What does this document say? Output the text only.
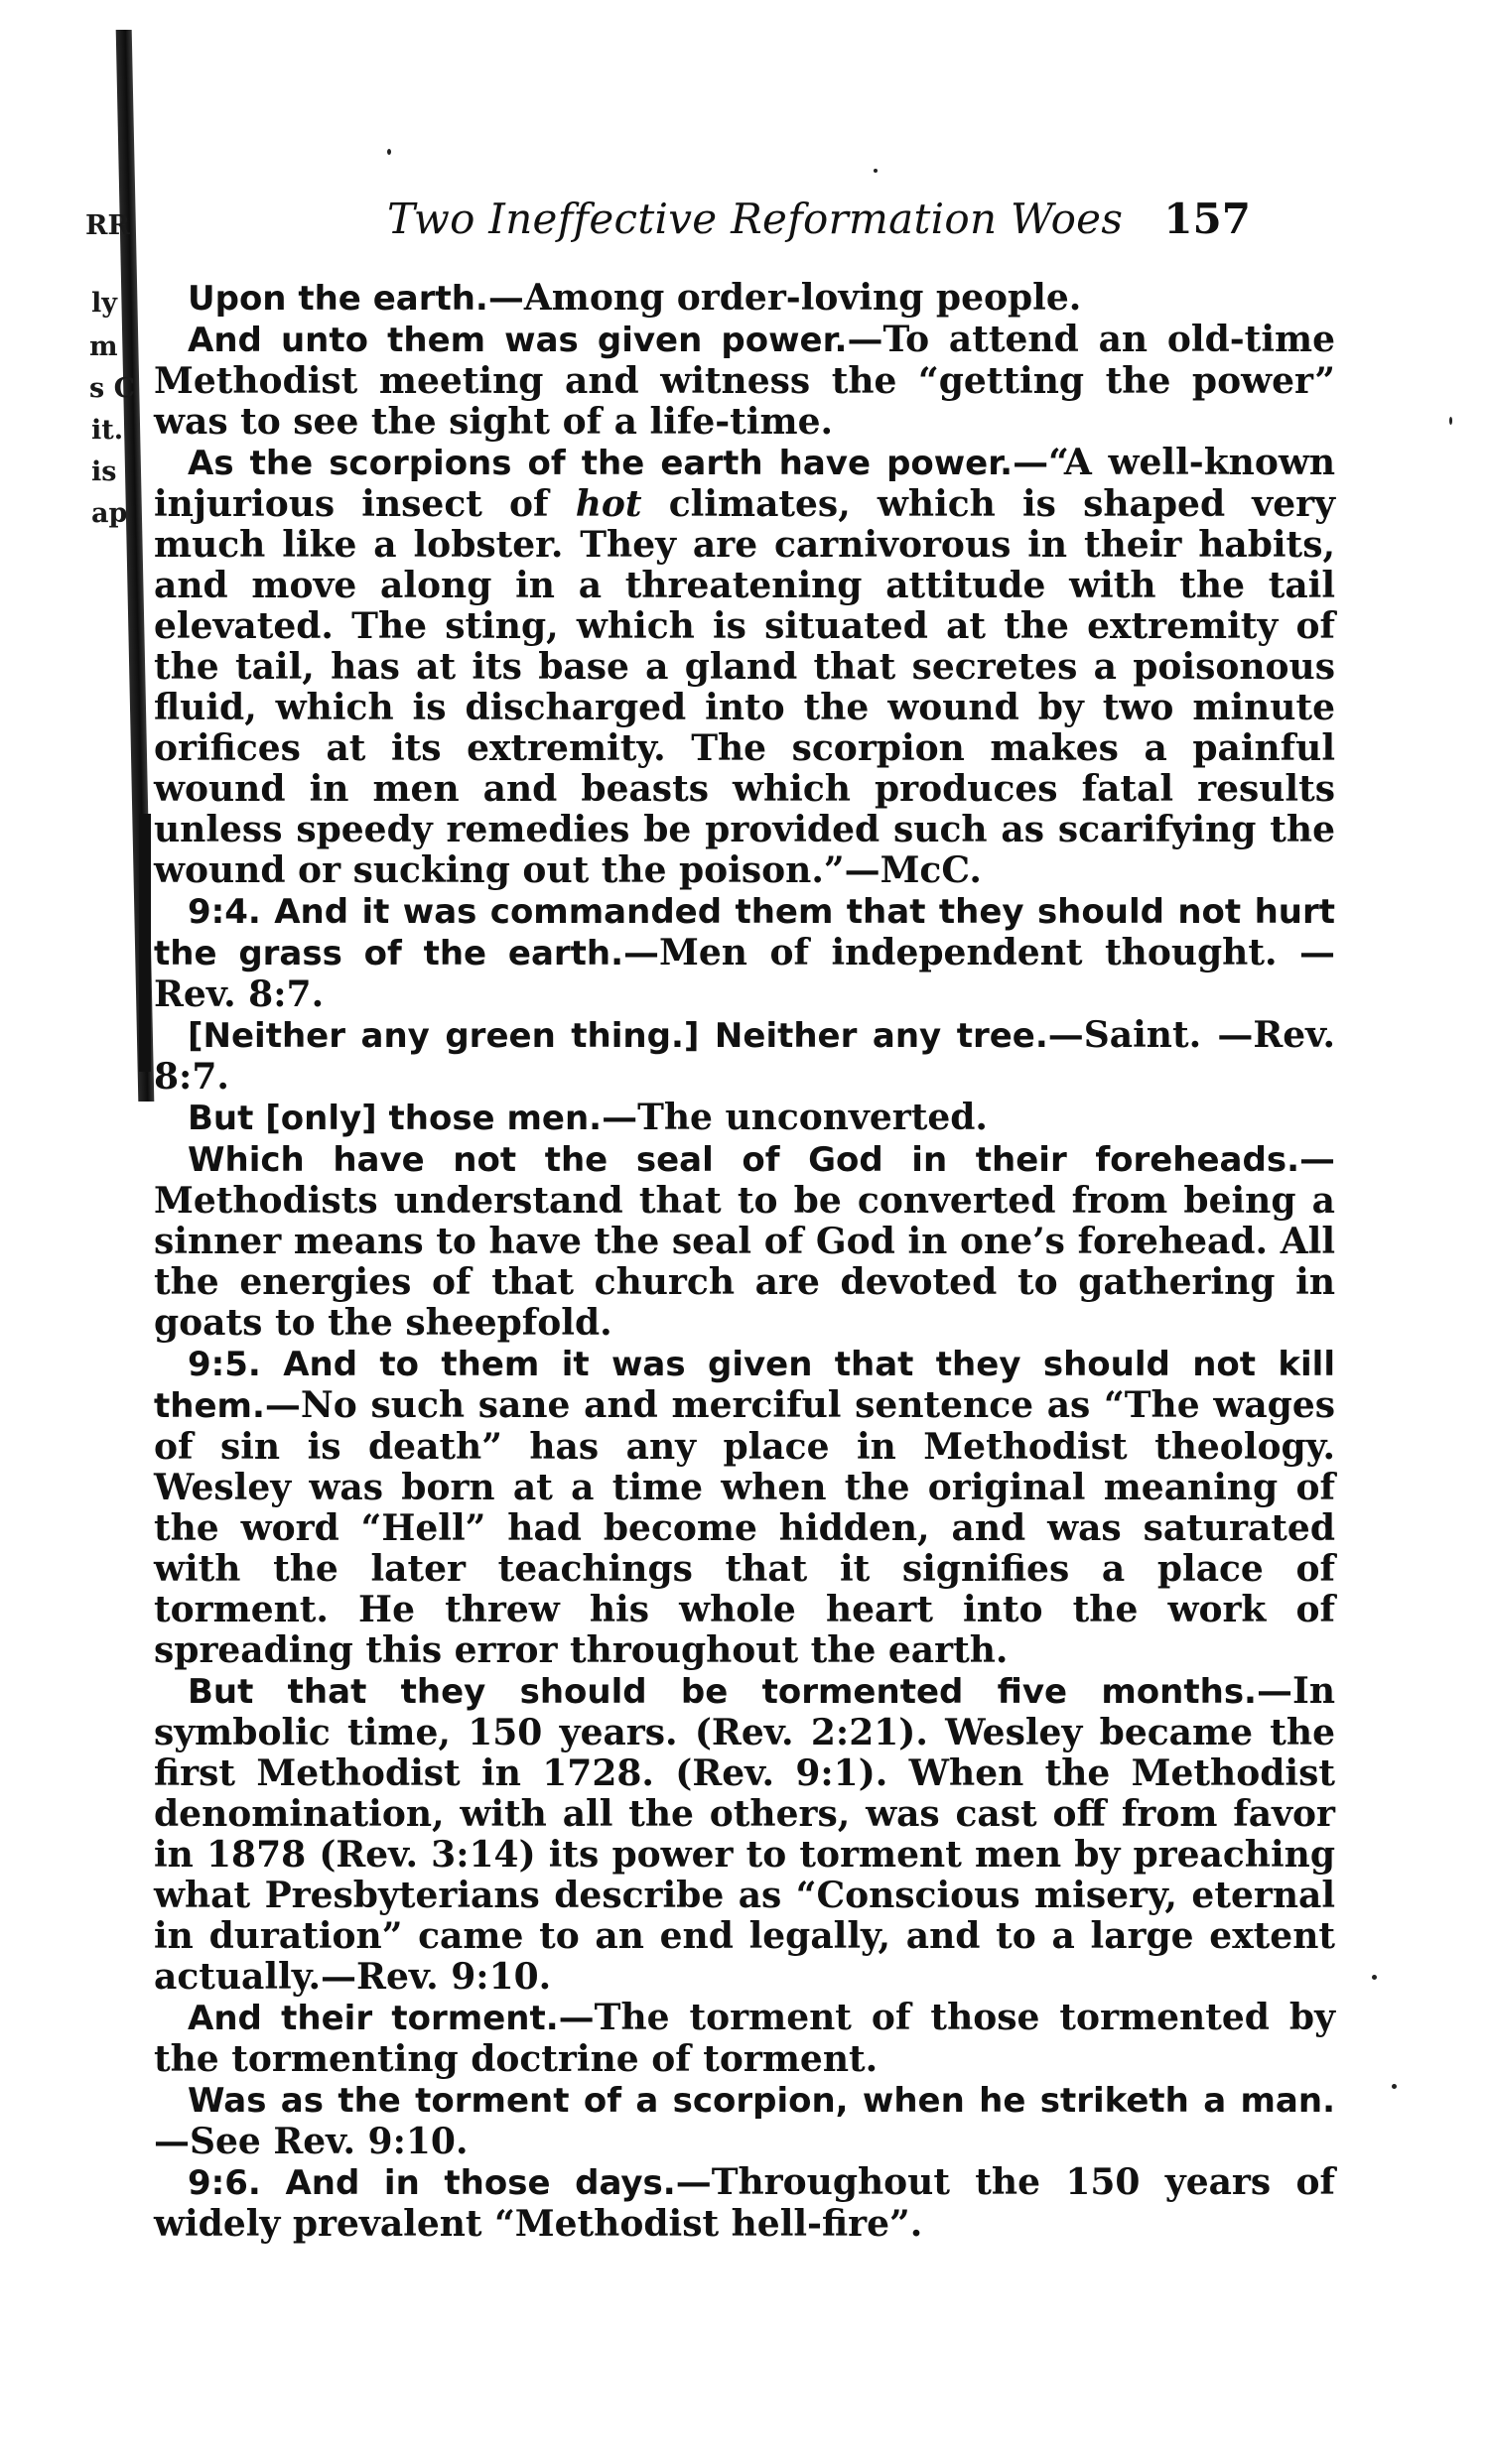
RR
ly
m
s C
it.
is
ap
Two Ineffective Reformation Woes 157

Upon the earth.—Among order-loving people.

And unto them was given power.—To attend an old-time Methodist meeting and witness the “getting the power” was to see the sight of a life-time.

As the scorpions of the earth have power.—“A well-known injurious insect of hot climates, which is shaped very much like a lobster. They are carnivorous in their habits, and move along in a threatening attitude with the tail elevated. The sting, which is situated at the extremity of the tail, has at its base a gland that secretes a poisonous fluid, which is discharged into the wound by two minute orifices at its extremity. The scorpion makes a painful wound in men and beasts which produces fatal results unless speedy remedies be provided such as scarifying the wound or sucking out the poison.”—McC.

9:4. And it was commanded them that they should not hurt the grass of the earth.—Men of independent thought. —Rev. 8:7.

[Neither any green thing.] Neither any tree.—Saint. —Rev. 8:7.

But [only] those men.—The unconverted.

Which have not the seal of God in their foreheads.—Methodists understand that to be converted from being a sinner means to have the seal of God in one’s forehead. All the energies of that church are devoted to gathering in goats to the sheepfold.

9:5. And to them it was given that they should not kill them.—No such sane and merciful sentence as “The wages of sin is death” has any place in Methodist theology. Wesley was born at a time when the original meaning of the word “Hell” had become hidden, and was saturated with the later teachings that it signifies a place of torment. He threw his whole heart into the work of spreading this error throughout the earth.

But that they should be tormented five months.—In symbolic time, 150 years. (Rev. 2:21). Wesley became the first Methodist in 1728. (Rev. 9:1). When the Methodist denomination, with all the others, was cast off from favor in 1878 (Rev. 3:14) its power to torment men by preaching what Presbyterians describe as “Conscious misery, eternal in duration” came to an end legally, and to a large extent actually.—Rev. 9:10.

And their torment.—The torment of those tormented by the tormenting doctrine of torment.

Was as the torment of a scorpion, when he striketh a man.—See Rev. 9:10.

9:6. And in those days.—Throughout the 150 years of widely prevalent “Methodist hell-fire”.
